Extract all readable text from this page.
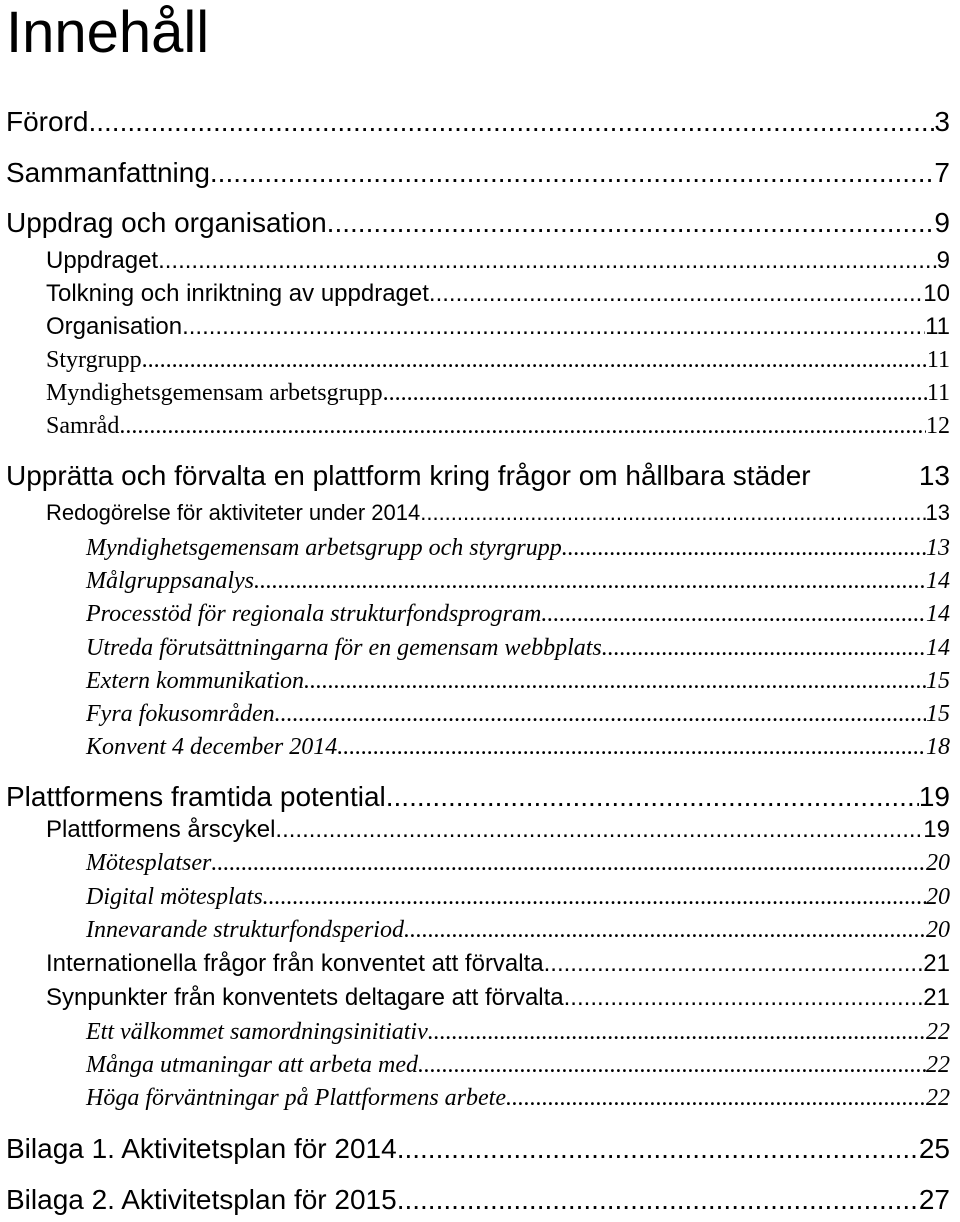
Innehåll
Förord .....	3
Sammanfattning .....	7
Uppdrag och organisation .....	9
Uppdraget .....	9
Tolkning och inriktning av uppdraget .....	10
Organisation .....	11
Styrgrupp .....	11
Myndighetsgemensam arbetsgrupp .....	11
Samråd .....	12
Upprätta och förvalta en plattform kring frågor om hållbara städer	13
Redogörelse för aktiviteter under 2014 .....	13
Myndighetsgemensam arbetsgrupp och styrgrupp .....	13
Målgruppsanalys .....	14
Processtöd för regionala strukturfondsprogram .....	14
Utreda förutsättningarna för en gemensam webbplats .....	14
Extern kommunikation .....	15
Fyra fokusområden .....	15
Konvent 4 december 2014 .....	18
Plattformens framtida potential .....	19
Plattformens årscykel .....	19
Mötesplatser .....	20
Digital mötesplats .....	20
Innevarande strukturfondsperiod .....	20
Internationella frågor från konventet att förvalta .....	21
Synpunkter från konventets deltagare att förvalta .....	21
Ett välkommet samordningsinitiativ .....	22
Många utmaningar att arbeta med .....	22
Höga förväntningar på Plattformens arbete .....	22
Bilaga 1. Aktivitetsplan för 2014 .....	25
Bilaga 2. Aktivitetsplan för 2015 .....	27
